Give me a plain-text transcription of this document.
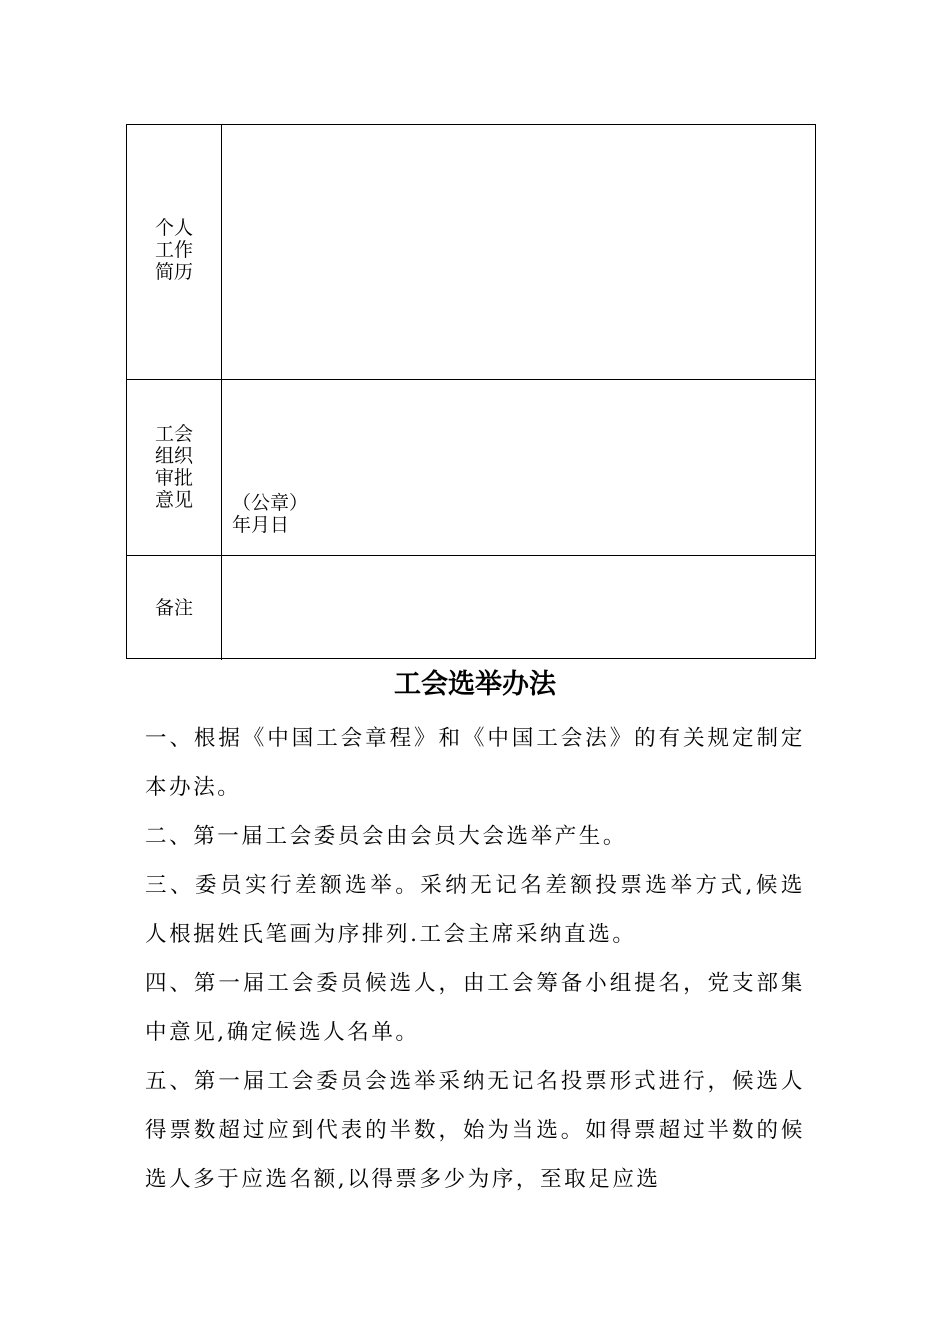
个人工作简历
工会组织审批意见	（公章）
年月日
备注
工会选举办法

一、根据《中国工会章程》和《中国工会法》的有关规定制定本办法。

二、第一届工会委员会由会员大会选举产生。

三、委员实行差额选举。采纳无记名差额投票选举方式,候选人根据姓氏笔画为序排列.工会主席采纳直选。

四、第一届工会委员候选人，由工会筹备小组提名，党支部集中意见,确定候选人名单。

五、第一届工会委员会选举采纳无记名投票形式进行，候选人得票数超过应到代表的半数，始为当选。如得票超过半数的候选人多于应选名额,以得票多少为序，至取足应选
